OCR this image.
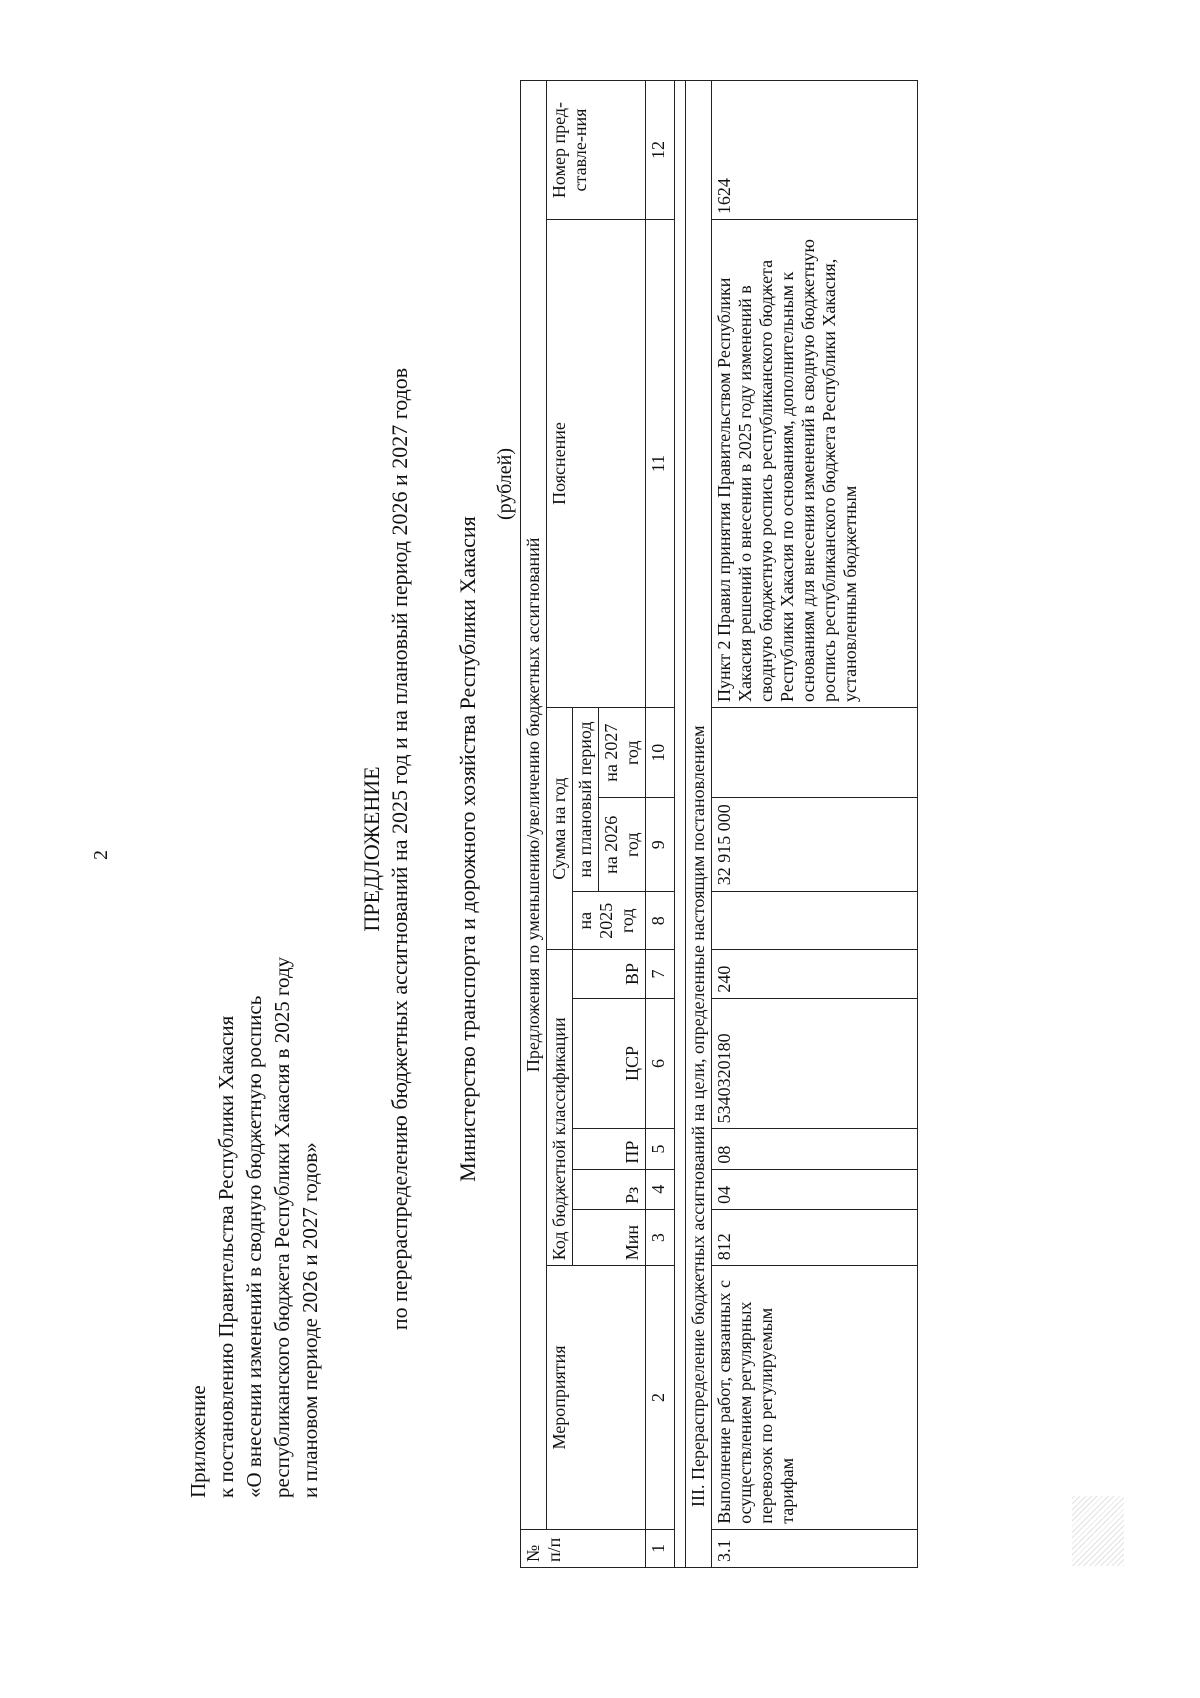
2
Приложение к постановлению Правительства Республики Хакасия «О внесении изменений в сводную бюджетную роспись республиканского бюджета Республики Хакасия в 2025 году и плановом периоде 2026 и 2027 годов»
ПРЕДЛОЖЕНИЕ по перераспределению бюджетных ассигнований на 2025 год и на плановый период 2026 и 2027 годов Министерство транспорта и дорожного хозяйства Республики Хакасия
(рублей)
№ п/п	Предложения по уменьшению/увеличению бюджетных ассигнований										
	Мероприятия	Код бюджетной классификации					Сумма на год			Пояснение	Номер пред-ставле-ния
		Мин	Рз	ПР	ЦСР	ВР	на 2025 год	на плановый период			
								на 2026 год	на 2027 год		
1	2	3	4	5	6	7	8	9	10	11	12

III. Перераспределение бюджетных ассигнований на цели, определенные настоящим постановлением											
3.1	Выполнение работ, связанных с осуществлением регулярных перевозок по регулируемым тарифам	812	04	08	5340320180	240		32 915 000		Пункт 2 Правил принятия Правительством Республики Хакасия решений о внесении в 2025 году изменений в сводную бюджетную роспись республиканского бюджета Республики Хакасия по основаниям, дополнительным к основаниям для внесения изменений в сводную бюджетную роспись республиканского бюджета Республики Хакасия, установленным бюджетным	1624
